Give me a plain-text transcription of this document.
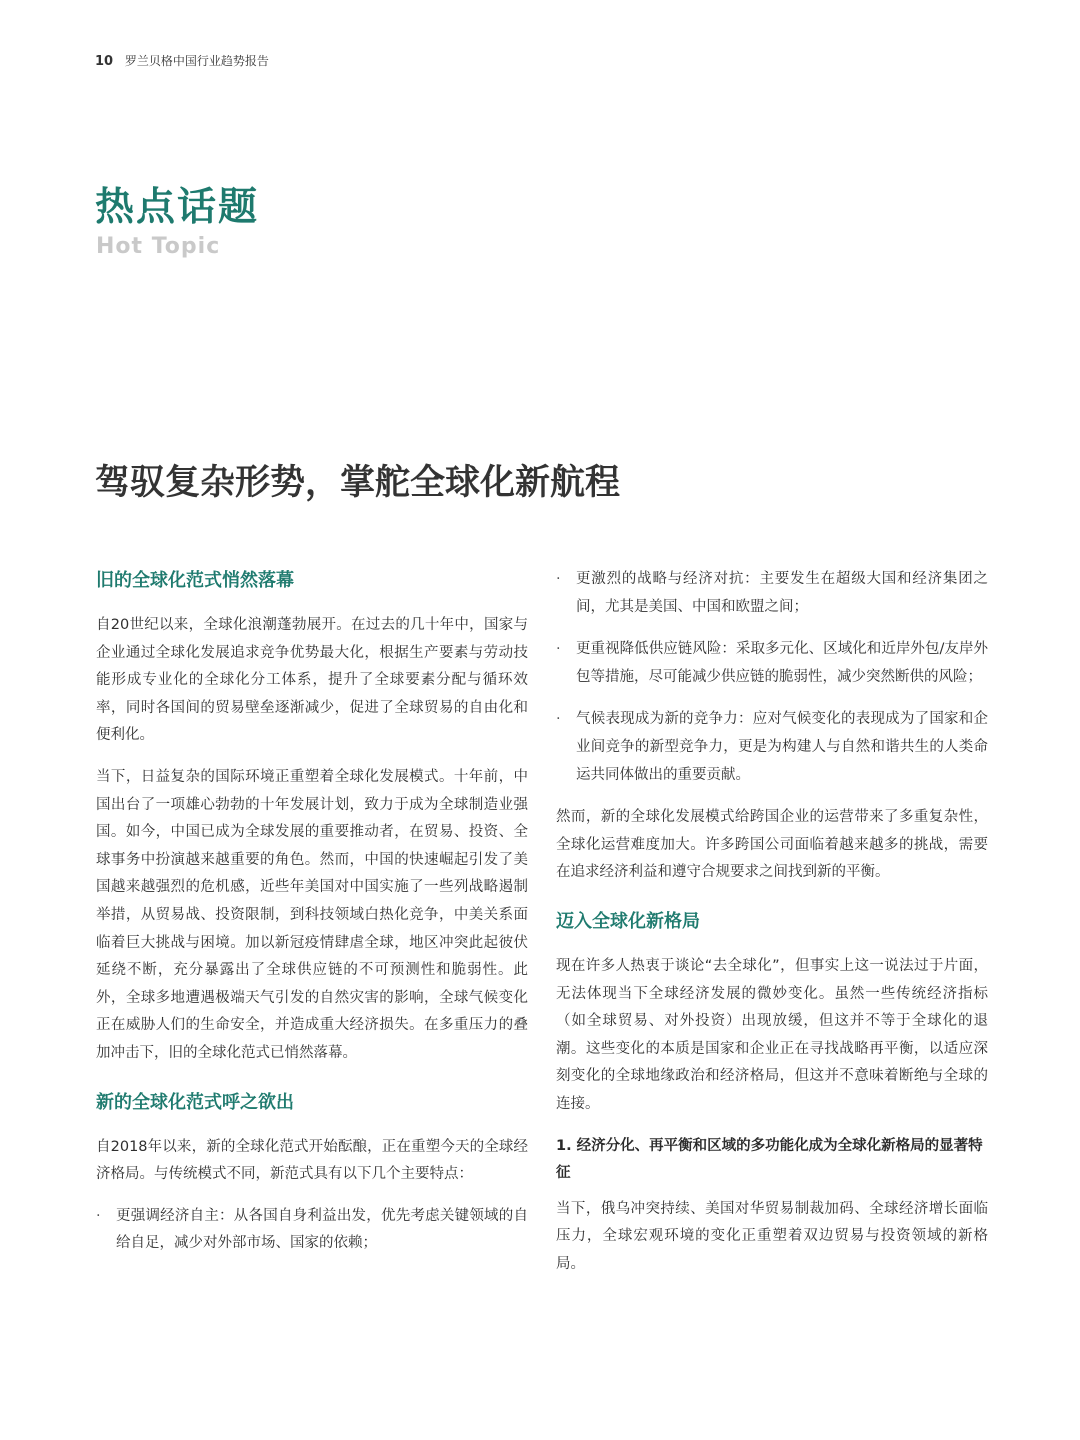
10 罗兰贝格中国行业趋势报告
热点话题
Hot Topic
驾驭复杂形势，掌舵全球化新航程
旧的全球化范式悄然落幕

自20世纪以来，全球化浪潮蓬勃展开。在过去的几十年中，国家与企业通过全球化发展追求竞争优势最大化，根据生产要素与劳动技能形成专业化的全球化分工体系，提升了全球要素分配与循环效率，同时各国间的贸易壁垒逐渐减少，促进了全球贸易的自由化和便利化。

当下，日益复杂的国际环境正重塑着全球化发展模式。十年前，中国出台了一项雄心勃勃的十年发展计划，致力于成为全球制造业强国。如今，中国已成为全球发展的重要推动者，在贸易、投资、全球事务中扮演越来越重要的角色。然而，中国的快速崛起引发了美国越来越强烈的危机感，近些年美国对中国实施了一些列战略遏制举措，从贸易战、投资限制，到科技领域白热化竞争，中美关系面临着巨大挑战与困境。加以新冠疫情肆虐全球，地区冲突此起彼伏延绕不断，充分暴露出了全球供应链的不可预测性和脆弱性。此外，全球多地遭遇极端天气引发的自然灾害的影响，全球气候变化正在威胁人们的生命安全，并造成重大经济损失。在多重压力的叠加冲击下，旧的全球化范式已悄然落幕。

新的全球化范式呼之欲出

自2018年以来，新的全球化范式开始酝酿，正在重塑今天的全球经济格局。与传统模式不同，新范式具有以下几个主要特点：

· 更强调经济自主：从各国自身利益出发，优先考虑关键领域的自给自足，减少对外部市场、国家的依赖；
· 更激烈的战略与经济对抗：主要发生在超级大国和经济集团之间，尤其是美国、中国和欧盟之间；
· 更重视降低供应链风险：采取多元化、区域化和近岸外包/友岸外包等措施，尽可能减少供应链的脆弱性，减少突然断供的风险；
· 气候表现成为新的竞争力：应对气候变化的表现成为了国家和企业间竞争的新型竞争力，更是为构建人与自然和谐共生的人类命运共同体做出的重要贡献。

然而，新的全球化发展模式给跨国企业的运营带来了多重复杂性，全球化运营难度加大。许多跨国公司面临着越来越多的挑战，需要在追求经济利益和遵守合规要求之间找到新的平衡。

迈入全球化新格局

现在许多人热衷于谈论“去全球化”，但事实上这一说法过于片面，无法体现当下全球经济发展的微妙变化。虽然一些传统经济指标（如全球贸易、对外投资）出现放缓，但这并不等于全球化的退潮。这些变化的本质是国家和企业正在寻找战略再平衡，以适应深刻变化的全球地缘政治和经济格局，但这并不意味着断绝与全球的连接。

1. 经济分化、再平衡和区域的多功能化成为全球化新格局的显著特征

当下，俄乌冲突持续、美国对华贸易制裁加码、全球经济增长面临压力，全球宏观环境的变化正重塑着双边贸易与投资领域的新格局。
